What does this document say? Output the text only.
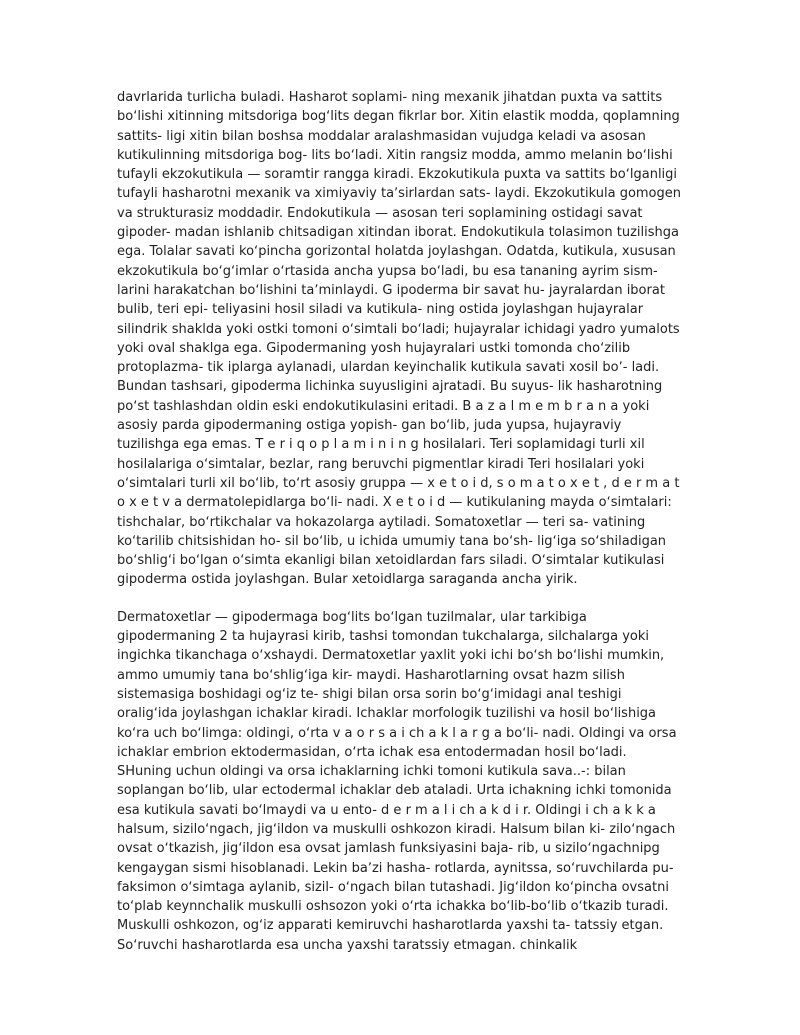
davrlarida turlicha buladi. Hasharot soplami- ning mexanik jihatdan puxta va sattits boʻlishi xitinning mitsdoriga bogʻlits degan fikrlar bor. Xitin elastik modda, qoplamning sattits- ligi xitin bilan boshsa moddalar aralashmasidan vujudga keladi va asosan kutikulinning mitsdoriga bog- lits boʻladi. Xitin rangsiz modda, ammo melanin boʻlishi tufayli ekzokutikula — soramtir rangga kiradi. Ekzokutikula puxta va sattits boʻlganligi tufayli hasharotni mexanik va ximiyaviy taʼsirlardan sats- laydi. Ekzokutikula gomogen va strukturasiz moddadir. Endokutikula — asosan teri soplamining ostidagi savat gipoder- madan ishlanib chitsadigan xitindan iborat. Endokutikula tolasimon tuzilishga ega. Tolalar savati koʻpincha gorizontal holatda joylashgan. Odatda, kutikula, xususan ekzokutikula boʻgʻimlar oʻrtasida ancha yupsa boʻladi, bu esa tananing ayrim sism- larini harakatchan boʻlishini taʼminlaydi. G ipoderma bir savat hu- jayralardan iborat bulib, teri epi- teliyasini hosil siladi va kutikula- ning ostida joylashgan hujayralar silindrik shaklda yoki ostki tomoni oʻsimtali boʻladi; hujayralar ichidagi yadro yumalots yoki oval shaklga ega. Gipodermaning yosh hujayralari ustki tomonda choʻzilib protoplazma- tik iplarga aylanadi, ulardan keyinchalik kutikula savati xosil boʼ- ladi. Bundan tashsari, gipoderma lichinka suyusligini ajratadi. Bu suyus- lik hasharotning poʻst tashlashdan oldin eski endokutikulasini eritadi. B a z a l m e m b r a n a yoki asosiy parda gipodermaning ostiga yopish- gan boʻlib, juda yupsa, hujayraviy tuzilishga ega emas. T e r i q o p l a m i n i n g hosilalari. Teri soplamidagi turli xil hosilalariga oʻsimtalar, bezlar, rang beruvchi pigmentlar kiradi Teri hosilalari yoki oʻsimtalari turli xil boʻlib, toʻrt asosiy gruppa — x e t o i d, s o m a t o x e t , d e r m a t o x e t v a dermatolepidlarga boʻli- nadi. X e t o i d — kutikulaning mayda oʻsimtalari: tishchalar, boʻrtikchalar va hokazolarga aytiladi. Somatoxetlar — teri sa- vatining koʻtarilib chitsishidan ho- sil boʻlib, u ichida umumiy tana boʻsh- ligʻiga soʻshiladigan boʻshligʻi boʻlgan oʻsimta ekanligi bilan xetoidlardan fars siladi. Oʻsimtalar kutikulasi gipoderma ostida joylashgan. Bular xetoidlarga saraganda ancha yirik.

Dermatoxetlar — gipodermaga bogʻlits boʻlgan tuzilmalar, ular tarkibiga gipodermaning 2 ta hujayrasi kirib, tashsi tomondan tukchalarga, silchalarga yoki ingichka tikanchaga oʻxshaydi. Dermatoxetlar yaxlit yoki ichi boʻsh boʻlishi mumkin, ammo umumiy tana boʻshligʻiga kir- maydi. Hasharotlarning ovsat hazm silish sistemasiga boshidagi ogʻiz te- shigi bilan orsa sorin boʻgʻimidagi anal teshigi oraligʻida joylashgan ichaklar kiradi. Ichaklar morfologik tuzilishi va hosil boʻlishiga koʻra uch boʻlimga: oldingi, oʻrta v a o r s a i ch a k l a r g a boʻli- nadi. Oldingi va orsa ichaklar embrion ektodermasidan, oʻrta ichak esa entodermadan hosil boʻladi. SHuning uchun oldingi va orsa ichaklarning ichki tomoni kutikula sava..-: bilan soplangan boʻlib, ular ectodermal ichaklar deb ataladi. Urta ichakning ichki tomonida esa kutikula savati boʻlmaydi va u ento- d e r m a l i ch a k d i r. Oldingi i ch a k k a halsum, siziloʻngach, jigʻildon va muskulli oshkozon kiradi. Halsum bilan ki- ziloʻngach ovsat oʻtkazish, jigʻildon esa ovsat jamlash funksiyasini baja- rib, u siziloʻngachnipg kengaygan sismi hisoblanadi. Lekin baʼzi hasha- rotlarda, aynitssa, soʻruvchilarda pu- faksimon oʻsimtaga aylanib, sizil- oʻngach bilan tutashadi. Jigʻildon koʻpincha ovsatni toʻplab keynnchalik muskulli oshsozon yoki oʻrta ichakka boʻlib-boʻlib oʻtkazib turadi. Muskulli oshkozon, ogʻiz apparati kemiruvchi hasharotlarda yaxshi ta- tatssiy etgan. Soʻruvchi hasharotlarda esa uncha yaxshi taratssiy etmagan. chinkalik
